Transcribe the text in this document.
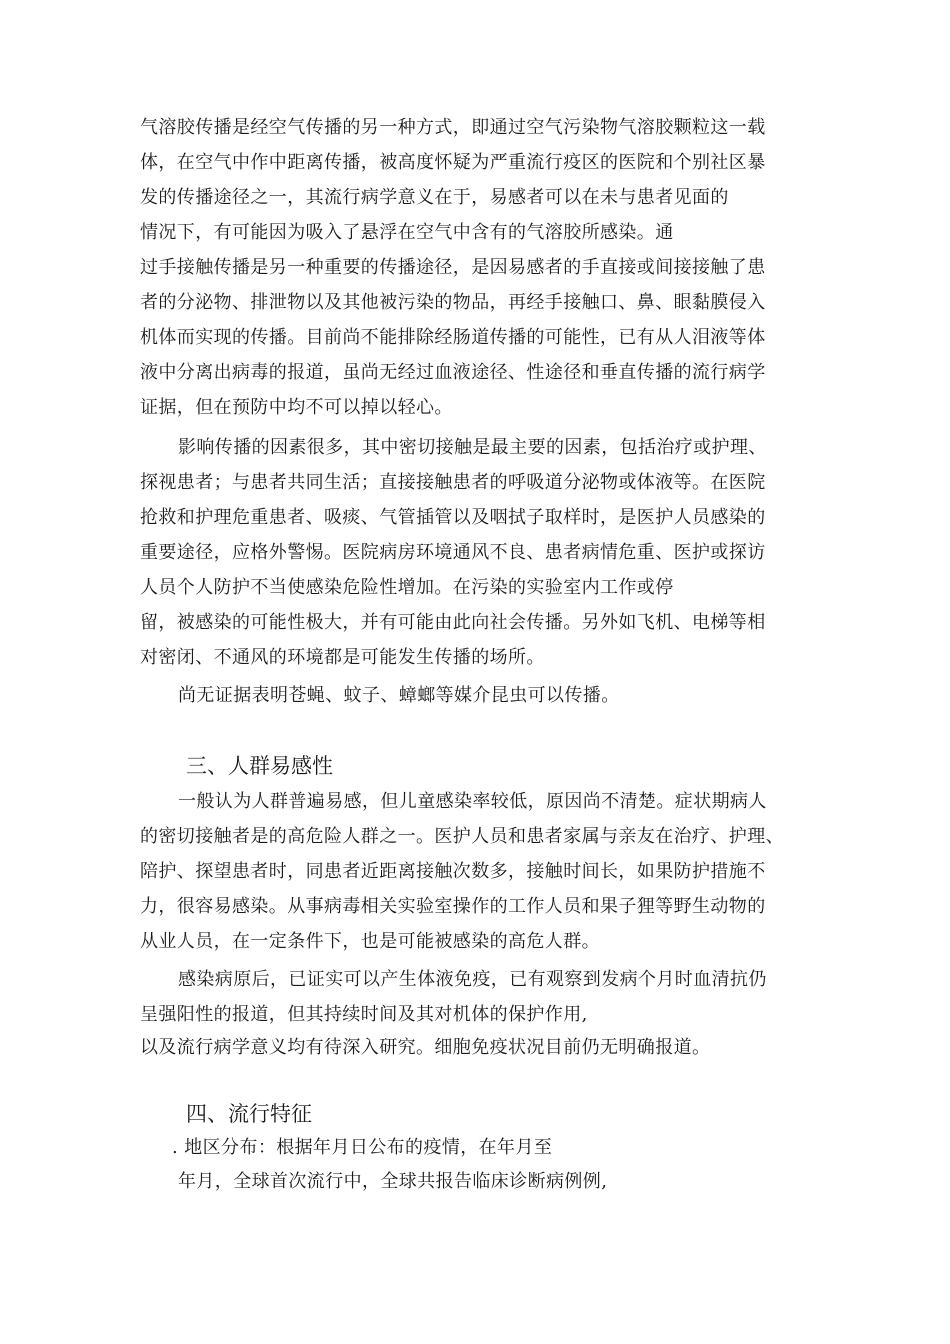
气溶胶传播是经空气传播的另一种方式，即通过空气污染物气溶胶颗粒这一载
体，在空气中作中距离传播，被高度怀疑为严重流行疫区的医院和个别社区暴
发的传播途径之一，其流行病学意义在于，易感者可以在未与患者见面的
情况下，有可能因为吸入了悬浮在空气中含有的气溶胶所感染。通
过手接触传播是另一种重要的传播途径，是因易感者的手直接或间接接触了患
者的分泌物、排泄物以及其他被污染的物品，再经手接触口、鼻、眼黏膜侵入
机体而实现的传播。目前尚不能排除经肠道传播的可能性，已有从人泪液等体
液中分离出病毒的报道，虽尚无经过血液途径、性途径和垂直传播的流行病学
证据，但在预防中均不可以掉以轻心。
影响传播的因素很多，其中密切接触是最主要的因素，包括治疗或护理、
探视患者；与患者共同生活；直接接触患者的呼吸道分泌物或体液等。在医院
抢救和护理危重患者、吸痰、气管插管以及咽拭子取样时，是医护人员感染的
重要途径，应格外警惕。医院病房环境通风不良、患者病情危重、医护或探访
人员个人防护不当使感染危险性增加。在污染的实验室内工作或停
留，被感染的可能性极大，并有可能由此向社会传播。另外如飞机、电梯等相
对密闭、不通风的环境都是可能发生传播的场所。
尚无证据表明苍蝇、蚊子、蟑螂等媒介昆虫可以传播。
三、人群易感性
一般认为人群普遍易感，但儿童感染率较低，原因尚不清楚。症状期病人
的密切接触者是的高危险人群之一。医护人员和患者家属与亲友在治疗、护理、
陪护、探望患者时，同患者近距离接触次数多，接触时间长，如果防护措施不
力，很容易感染。从事病毒相关实验室操作的工作人员和果子狸等野生动物的
从业人员，在一定条件下，也是可能被感染的高危人群。
感染病原后，已证实可以产生体液免疫，已有观察到发病个月时血清抗仍
呈强阳性的报道，但其持续时间及其对机体的保护作用,
以及流行病学意义均有待深入研究。细胞免疫状况目前仍无明确报道。
四、流行特征
. 地区分布：根据年月日公布的疫情，在年月至
年月，全球首次流行中，全球共报告临床诊断病例例,
